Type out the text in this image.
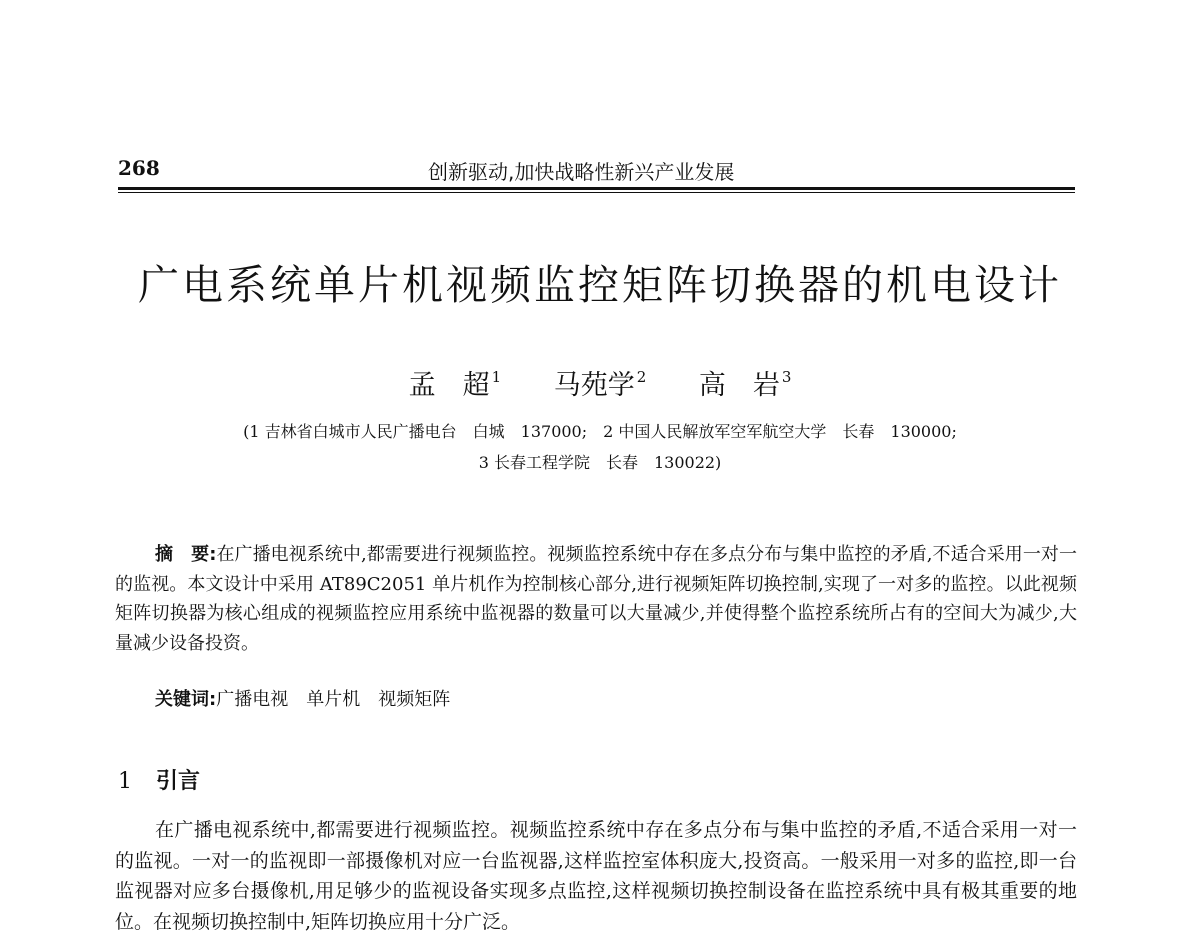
268	创新驱动,加快战略性新兴产业发展
广电系统单片机视频监控矩阵切换器的机电设计
孟　超 $^1$ 马苑学 $^2$ 高　岩 $^3$
(1 吉林省白城市人民广播电台　白城　137000;　2 中国人民解放军空军航空大学　长春　130000;
3 长春工程学院　长春　130022)

摘　要:在广播电视系统中,都需要进行视频监控。视频监控系统中存在多点分布与集中监控的矛盾,不适合采用一对一的监视。本文设计中采用 AT89C2051 单片机作为控制核心部分,进行视频矩阵切换控制,实现了一对多的监控。以此视频矩阵切换器为核心组成的视频监控应用系统中监视器的数量可以大量减少,并使得整个监控系统所占有的空间大为减少,大量减少设备投资。

关键词:广播电视 单片机 视频矩阵
1 引言

在广播电视系统中,都需要进行视频监控。视频监控系统中存在多点分布与集中监控的矛盾,不适合采用一对一的监视。一对一的监视即一部摄像机对应一台监视器,这样监控室体积庞大,投资高。一般采用一对多的监控,即一台监视器对应多台摄像机,用足够少的监视设备实现多点监控,这样视频切换控制设备在监控系统中具有极其重要的地位。在视频切换控制中,矩阵切换应用十分广泛。
